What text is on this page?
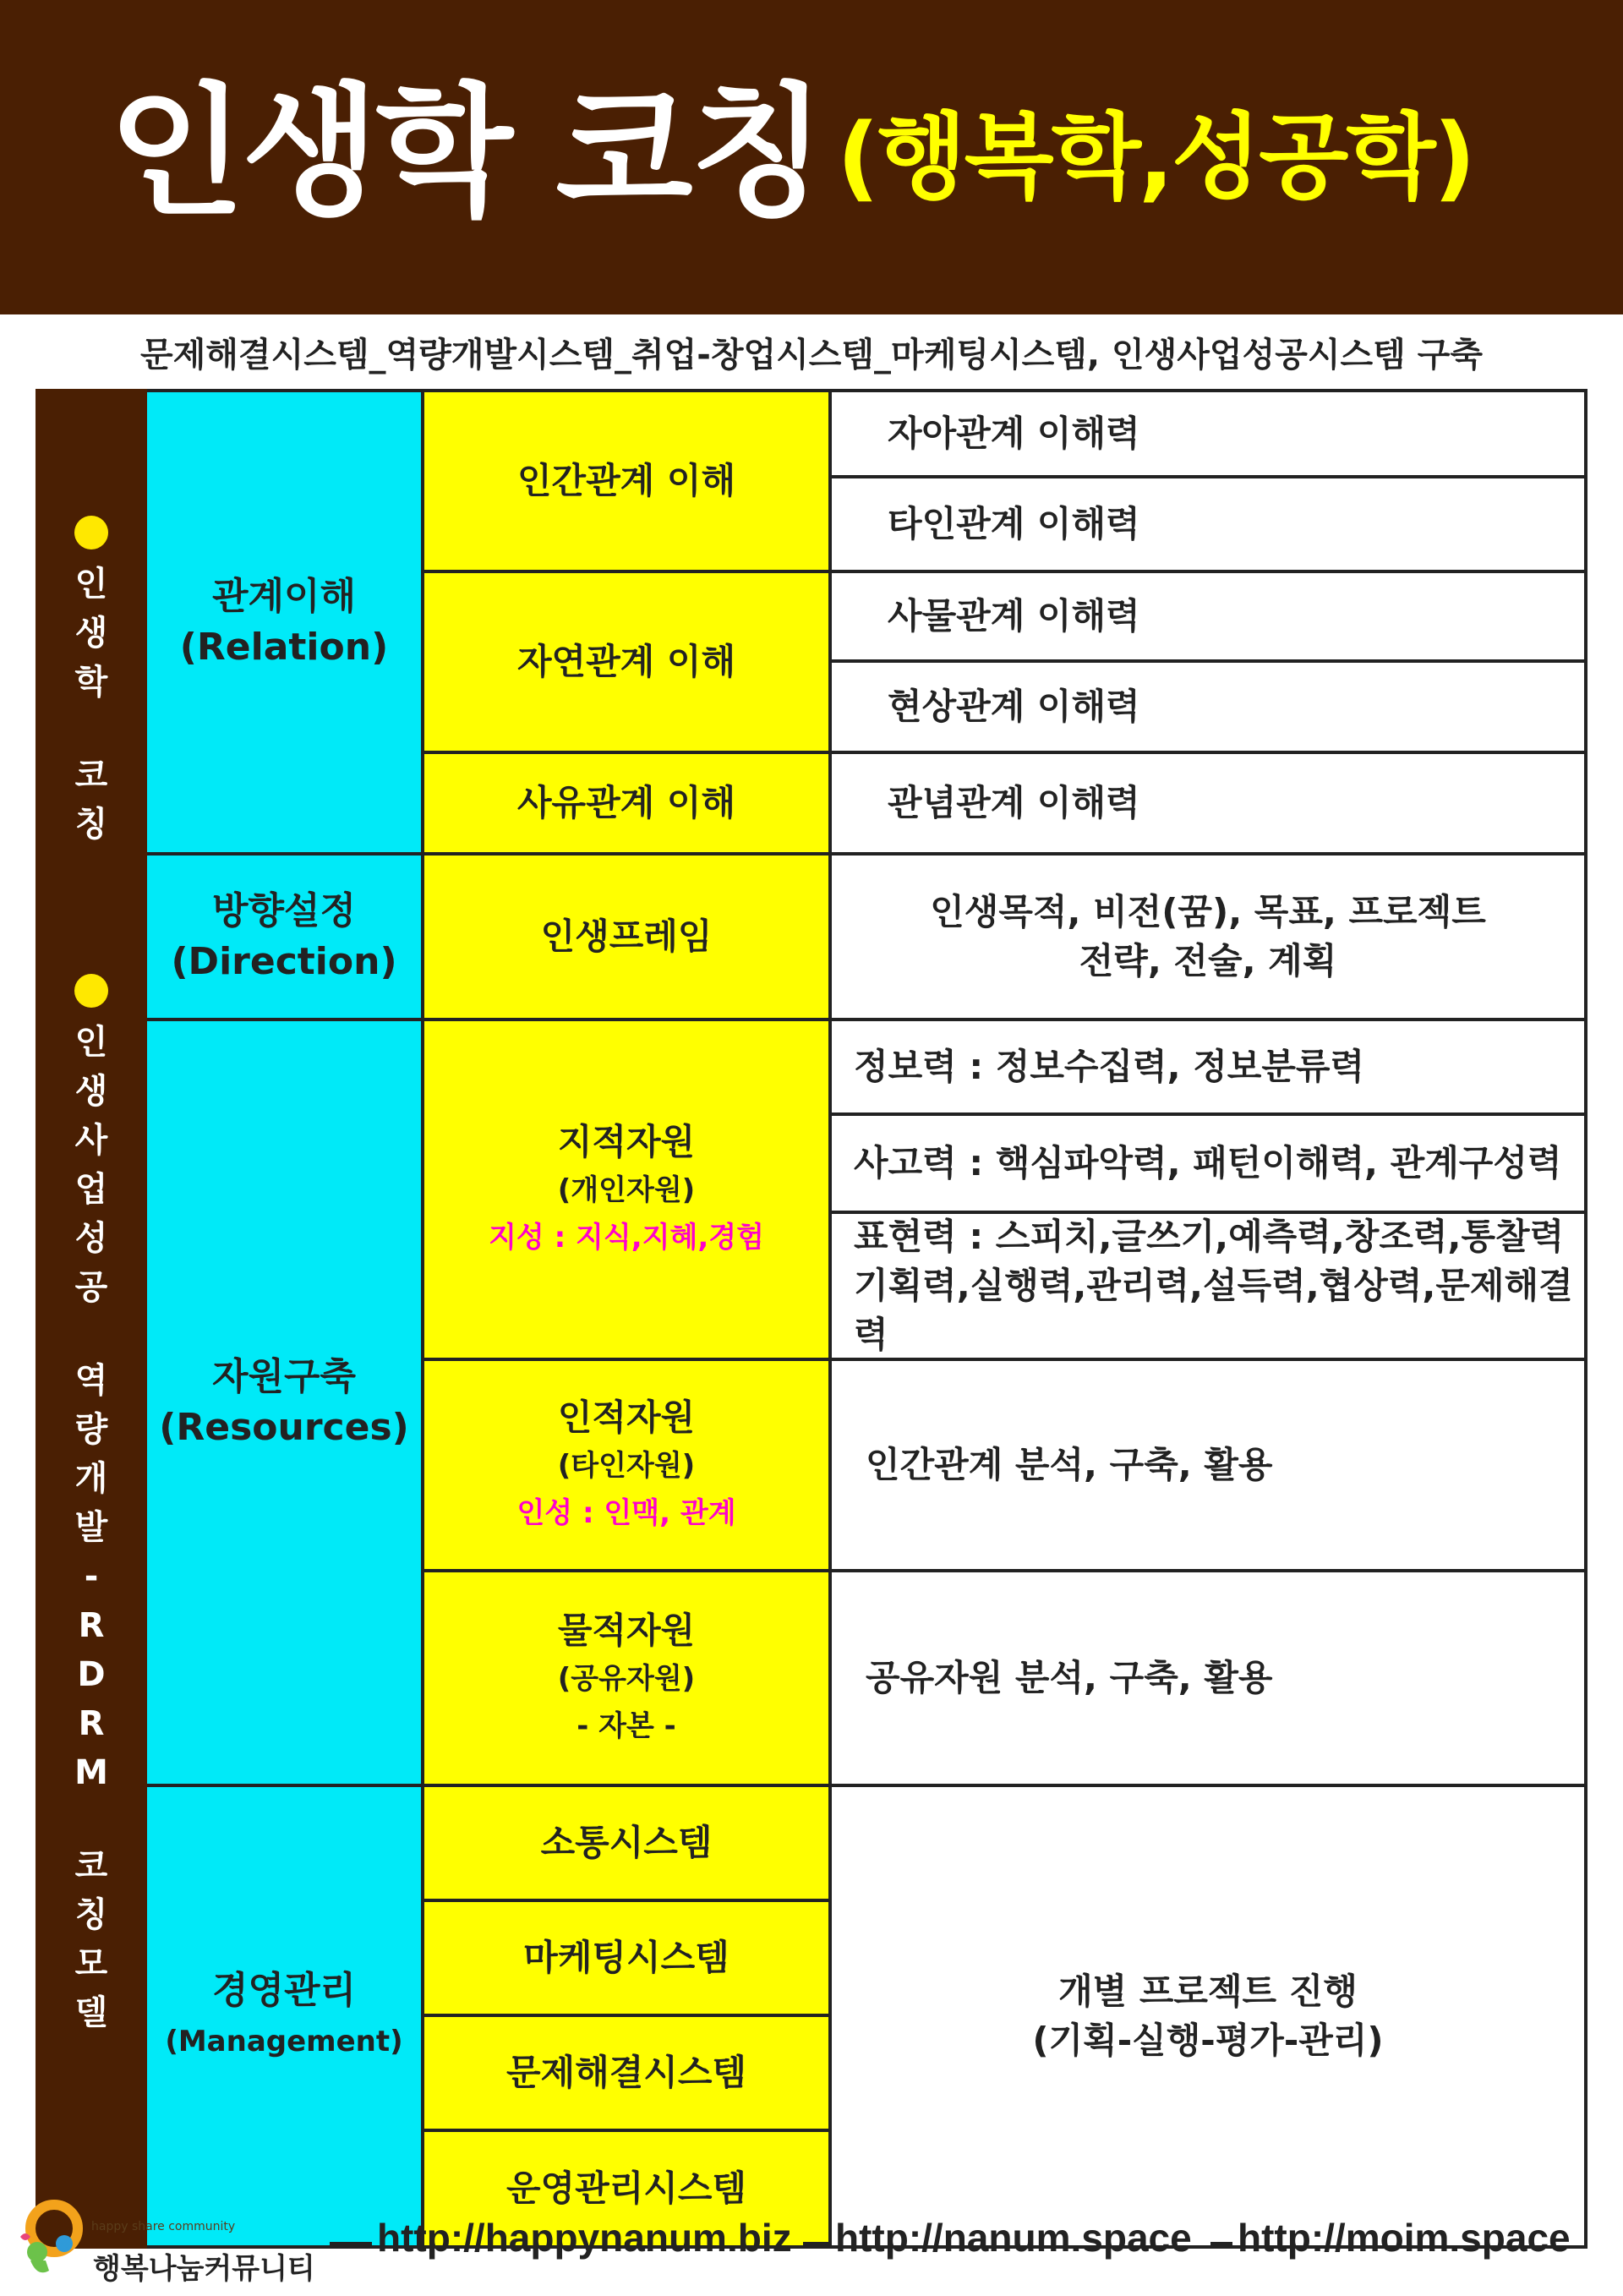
인생학 코칭 (행복학,성공학)
문제해결시스템_역량개발시스템_취업-창업시스템_마케팅시스템, 인생사업성공시스템 구축
인
생
학
코
칭
인
생
사
업
성
공
역
량
개
발
-
R
D
R
M
코
칭
모
델
관계이해
(Relation)
방향설정
(Direction)
자원구축
(Resources)
경영관리
(Management)
인간관계 이해
자연관계 이해
사유관계 이해
인생프레임
지적자원
(개인자원)
지성 : 지식,지혜,경험
인적자원
(타인자원)
인성 : 인맥, 관계
물적자원
(공유자원)
- 자본 -
소통시스템
마케팅시스템
문제해결시스템
운영관리시스템
자아관계 이해력
타인관계 이해력
사물관계 이해력
현상관계 이해력
관념관계 이해력
인생목적, 비전(꿈), 목표, 프로젝트
전략, 전술, 계획
정보력 : 정보수집력, 정보분류력
사고력 : 핵심파악력, 패턴이해력, 관계구성력
표현력 : 스피치,글쓰기,예측력,창조력,통찰력
기획력,실행력,관리력,설득력,협상력,문제해결력
인간관계 분석, 구축, 활용
공유자원 분석, 구축, 활용
개별 프로젝트 진행
(기획-실행-평가-관리)
happy share community
행복나눔커뮤니티
http://happynanum.biz http://nanum.space http://moim.space
